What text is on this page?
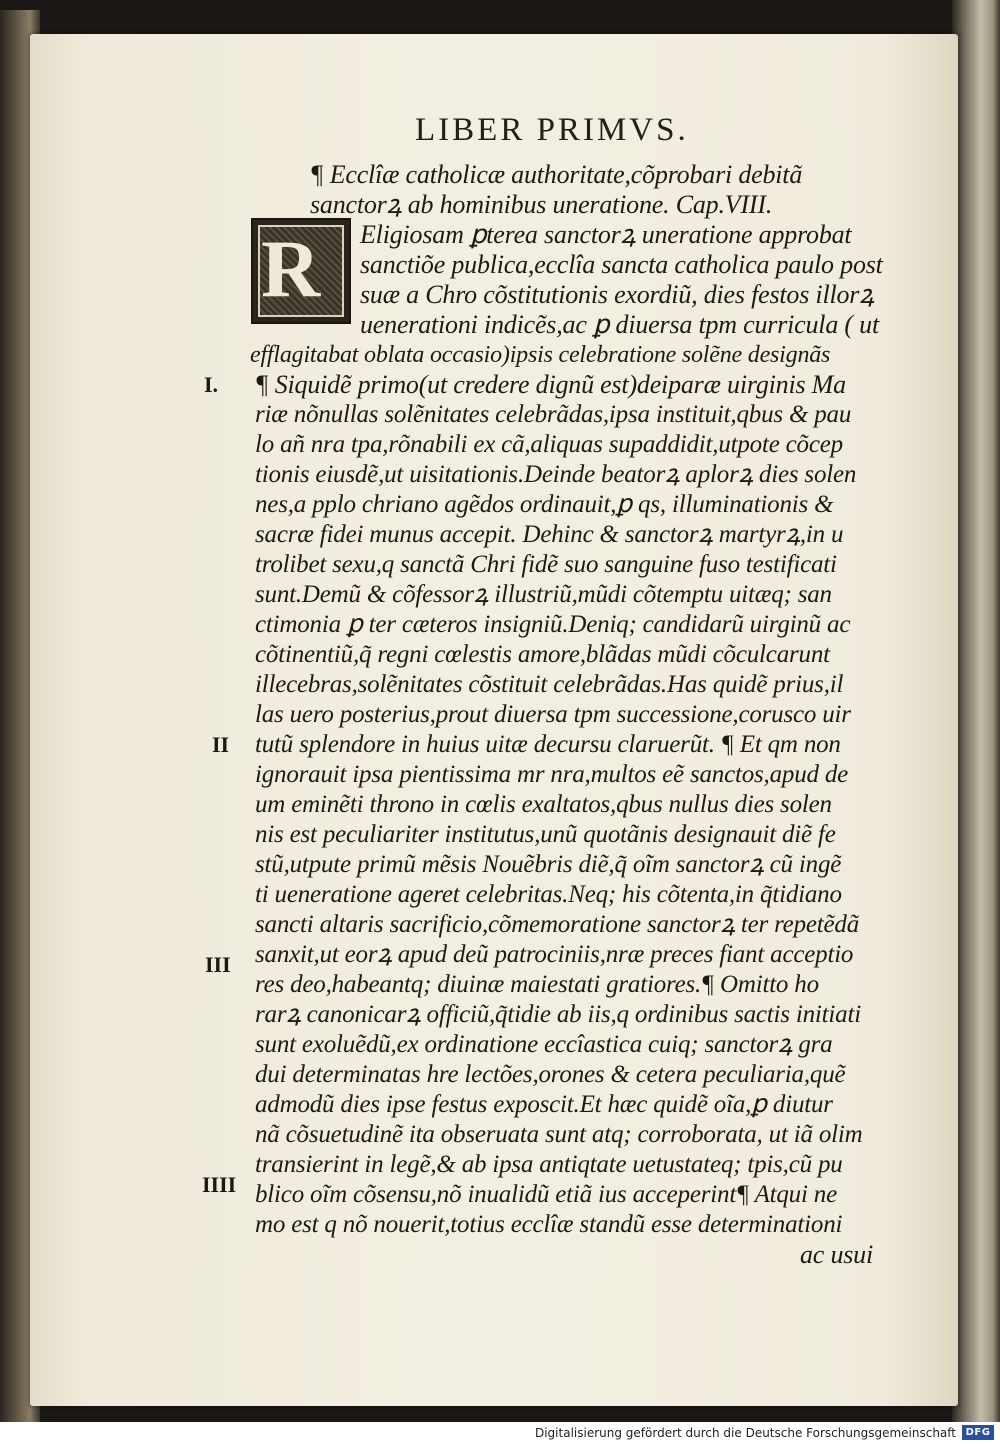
LIBER PRIMVS.
R
¶ Ecclîæ catholicæ authoritate,cõprobari debitã
sanctorꝝ ab hominibus uneratione. Cap.VIII.
Eligiosam ꝑterea sanctorꝝ uneratione approbat
sanctiõe publica,ecclîa sancta catholica paulo post
suæ a Chro cõstitutionis exordiũ, dies festos illorꝝ
uenerationi indicẽs,ac ꝑ diuersa tpm curricula ( ut
efflagitabat oblata occasio)ipsis celebratione solẽne designãs
¶ Siquidẽ primo(ut credere dignũ est)deiparæ uirginis Ma
riæ nõnullas solẽnitates celebrãdas,ipsa instituit,qbus & pau
lo añ nra tpa,rõnabili ex cã,aliquas supaddidit,utpote cõcep
tionis eiusdẽ,ut uisitationis.Deinde beatorꝝ aplorꝝ dies solen
nes,a pplo chriano agẽdos ordinauit,ꝑ qs, illuminationis &
sacræ fidei munus accepit. Dehinc & sanctorꝝ martyrꝝ,in u
trolibet sexu,q sanctã Chri fidẽ suo sanguine fuso testificati
sunt.Demũ & cõfessorꝝ illustriũ,mũdi cõtemptu uitæq; san
ctimonia ꝑ ter cæteros insigniũ.Deniq; candidarũ uirginũ ac
cõtinentiũ,q̃ regni cœlestis amore,blãdas mũdi cõculcarunt
illecebras,solẽnitates cõstituit celebrãdas.Has quidẽ prius,il
las uero posterius,prout diuersa tpm successione,corusco uir
tutũ splendore in huius uitæ decursu claruerũt. ¶ Et qm non
ignorauit ipsa pientissima mr nra,multos eẽ sanctos,apud de
um eminẽti throno in cœlis exaltatos,qbus nullus dies solen
nis est peculiariter institutus,unũ quotãnis designauit diẽ fe
stũ,utpute primũ mẽsis Nouẽbris diẽ,q̃ oĩm sanctorꝝ cũ ingẽ
ti ueneratione ageret celebritas.Neq; his cõtenta,in q̃tidiano
sancti altaris sacrificio,cõmemoratione sanctorꝝ ter repetẽdã
sanxit,ut eorꝝ apud deũ patrociniis,nræ preces fiant acceptio
res deo,habeantq; diuinæ maiestati gratiores.¶ Omitto ho
rarꝝ canonicarꝝ officiũ,q̃tidie ab iis,q ordinibus sactis initiati
sunt exoluẽdũ,ex ordinatione eccîastica cuiq; sanctorꝝ gra
dui determinatas hre lectões,orones & cetera peculiaria,quẽ
admodũ dies ipse festus exposcit.Et hæc quidẽ oĩa,ꝑ diutur
nã cõsuetudinẽ ita obseruata sunt atq; corroborata, ut iã olim
transierint in legẽ,& ab ipsa antiqtate uetustateq; tpis,cũ pu
blico oĩm cõsensu,nõ inualidũ etiã ius acceperint¶ Atqui ne
mo est q nõ nouerit,totius ecclîæ standũ esse determinationi
ac usui
I.
II
III
IIII
Digitalisierung gefördert durch die Deutsche Forschungsgemeinschaft DFG
